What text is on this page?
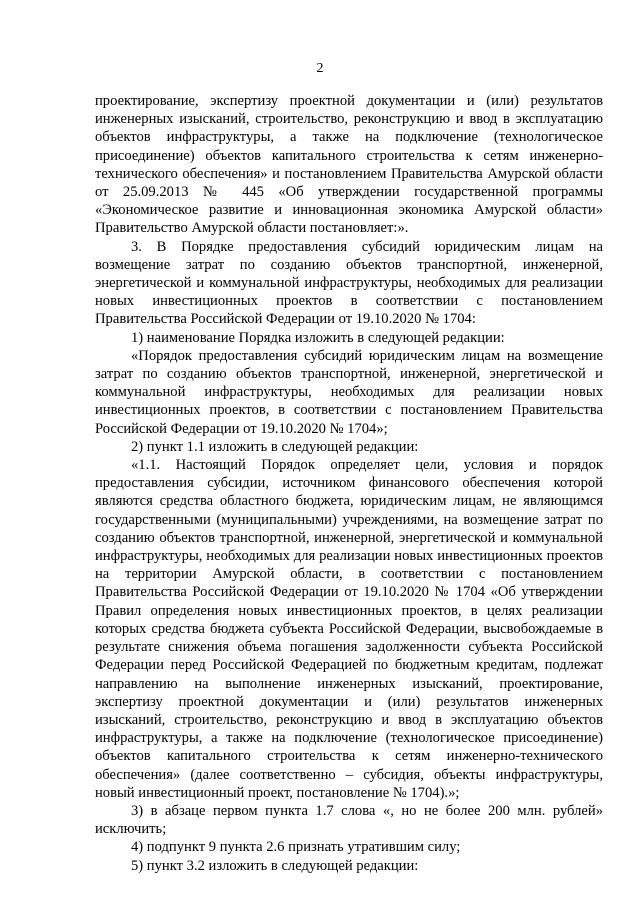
2

проектирование, экспертизу проектной документации и (или) результатов инженерных изысканий, строительство, реконструкцию и ввод в эксплуатацию объектов инфраструктуры, а также на подключение (технологическое присоединение) объектов капитального строительства к сетям инженерно-технического обеспечения» и постановлением Правительства Амурской области от 25.09.2013 № 445 «Об утверждении государственной программы «Экономическое развитие и инновационная экономика Амурской области» Правительство Амурской области постановляет:».

3. В Порядке предоставления субсидий юридическим лицам на возмещение затрат по созданию объектов транспортной, инженерной, энергетической и коммунальной инфраструктуры, необходимых для реализации новых инвестиционных проектов в соответствии с постановлением Правительства Российской Федерации от 19.10.2020 № 1704:

1) наименование Порядка изложить в следующей редакции:

«Порядок предоставления субсидий юридическим лицам на возмещение затрат по созданию объектов транспортной, инженерной, энергетической и коммунальной инфраструктуры, необходимых для реализации новых инвестиционных проектов, в соответствии с постановлением Правительства Российской Федерации от 19.10.2020 № 1704»;

2) пункт 1.1 изложить в следующей редакции:

«1.1. Настоящий Порядок определяет цели, условия и порядок предоставления субсидии, источником финансового обеспечения которой являются средства областного бюджета, юридическим лицам, не являющимся государственными (муниципальными) учреждениями, на возмещение затрат по созданию объектов транспортной, инженерной, энергетической и коммунальной инфраструктуры, необходимых для реализации новых инвестиционных проектов на территории Амурской области, в соответствии с постановлением Правительства Российской Федерации от 19.10.2020 № 1704 «Об утверждении Правил определения новых инвестиционных проектов, в целях реализации которых средства бюджета субъекта Российской Федерации, высвобождаемые в результате снижения объема погашения задолженности субъекта Российской Федерации перед Российской Федерацией по бюджетным кредитам, подлежат направлению на выполнение инженерных изысканий, проектирование, экспертизу проектной документации и (или) результатов инженерных изысканий, строительство, реконструкцию и ввод в эксплуатацию объектов инфраструктуры, а также на подключение (технологическое присоединение) объектов капитального строительства к сетям инженерно-технического обеспечения» (далее соответственно – субсидия, объекты инфраструктуры, новый инвестиционный проект, постановление № 1704).»;

3) в абзаце первом пункта 1.7 слова «, но не более 200 млн. рублей» исключить;

4) подпункт 9 пункта 2.6 признать утратившим силу;

5) пункт 3.2 изложить в следующей редакции:
